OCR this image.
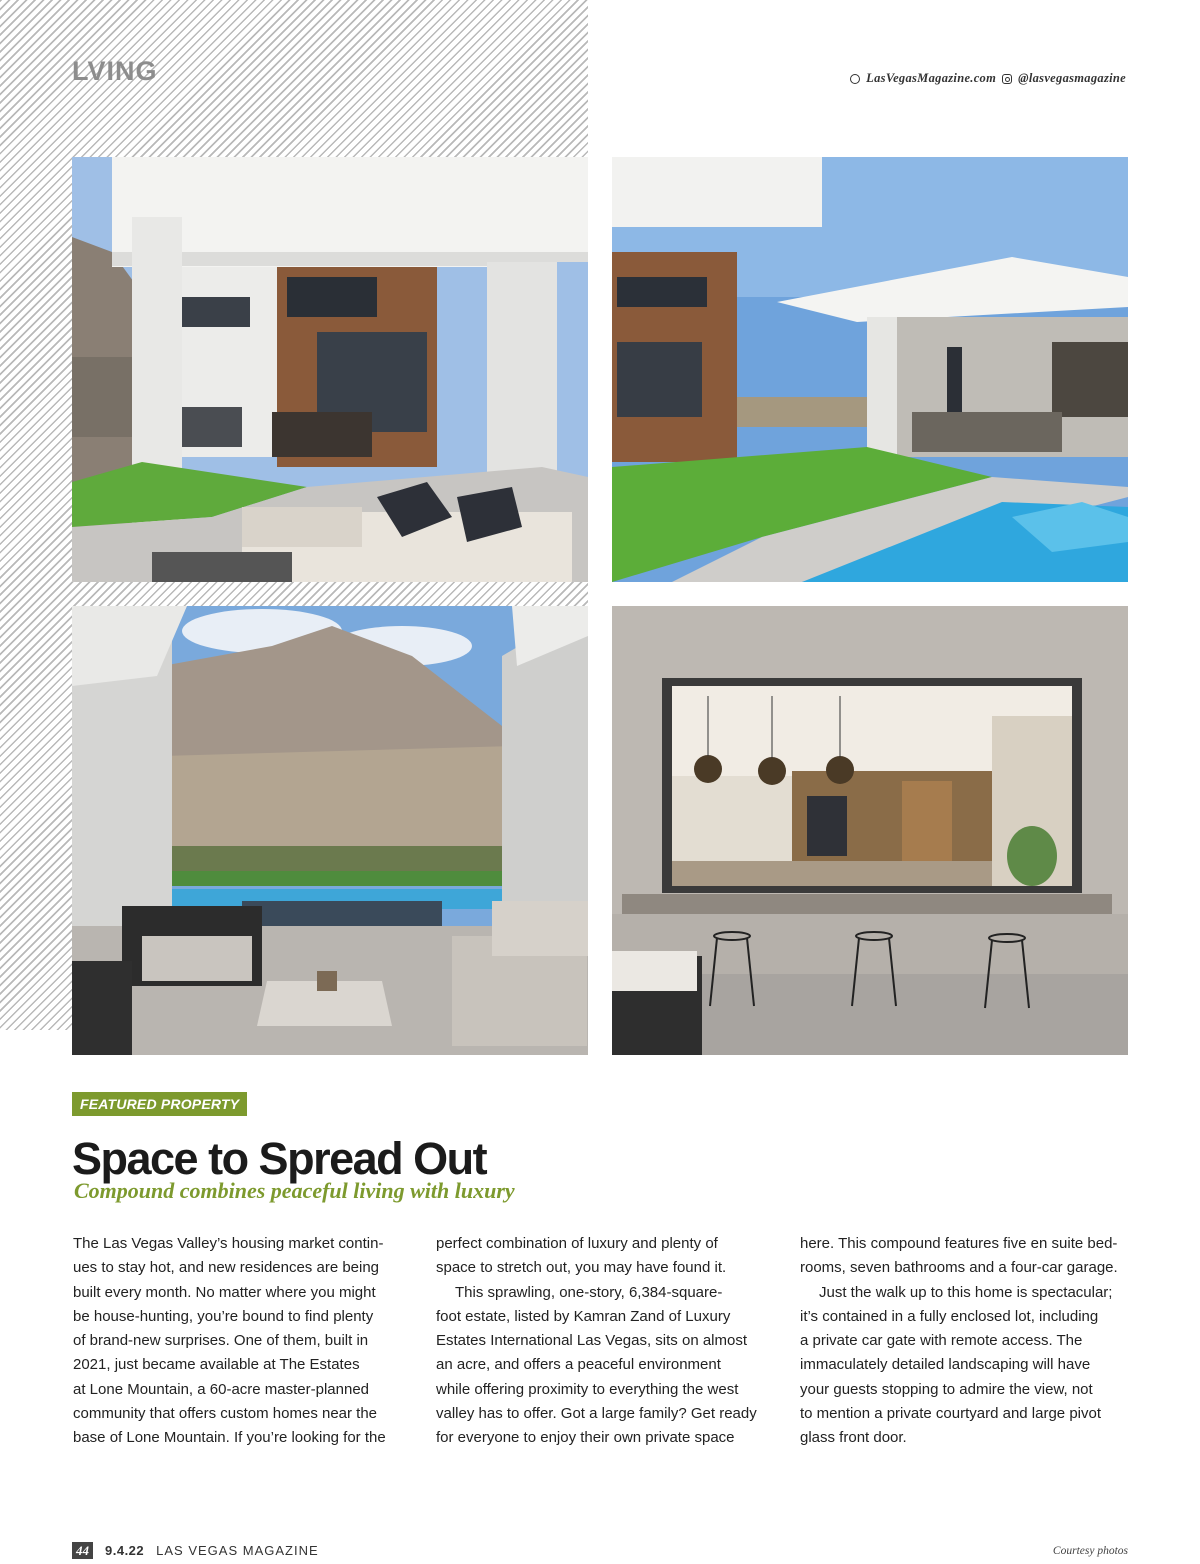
LVING	LasVegasMagazine.com @lasvegasmagazine
FEATURED PROPERTY
Space to Spread Out
Compound combines peaceful living with luxury
The Las Vegas Valley’s housing market contin-
ues to stay hot, and new residences are being
built every month. No matter where you might
be house-hunting, you’re bound to find plenty
of brand-new surprises. One of them, built in
2021, just became available at The Estates
at Lone Mountain, a 60-acre master-planned
community that offers custom homes near the
base of Lone Mountain. If you’re looking for the
perfect combination of luxury and plenty of
space to stretch out, you may have found it.
This sprawling, one-story, 6,384-square-
foot estate, listed by Kamran Zand of Luxury
Estates International Las Vegas, sits on almost
an acre, and offers a peaceful environment
while offering proximity to everything the west
valley has to offer. Got a large family? Get ready
for everyone to enjoy their own private space
here. This compound features five en suite bed-
rooms, seven bathrooms and a four-car garage.
Just the walk up to this home is spectacular;
it’s contained in a fully enclosed lot, including
a private car gate with remote access. The
immaculately detailed landscaping will have
your guests stopping to admire the view, not
to mention a private courtyard and large pivot
glass front door.
44	9.4.22 LAS VEGAS MAGAZINE	Courtesy photos
